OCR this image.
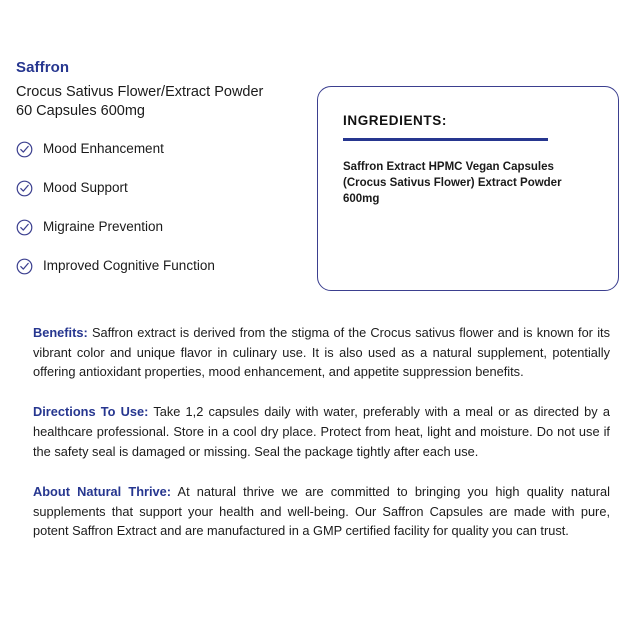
Saffron
Crocus Sativus Flower/Extract Powder
60 Capsules 600mg
Mood Enhancement
Mood Support
Migraine Prevention
Improved Cognitive Function
INGREDIENTS:

Saffron Extract HPMC Vegan Capsules
(Crocus Sativus Flower) Extract Powder
600mg

Benefits: Saffron extract is derived from the stigma of the Crocus sativus flower and is known for its vibrant color and unique flavor in culinary use. It is also used as a natural supplement, potentially offering antioxidant properties, mood enhancement, and appetite suppression benefits.

Directions To Use: Take 1,2 capsules daily with water, preferably with a meal or as directed by a healthcare professional. Store in a cool dry place. Protect from heat, light and moisture. Do not use if the safety seal is damaged or missing. Seal the package tightly after each use.

About Natural Thrive: At natural thrive we are committed to bringing you high quality natural supplements that support your health and well-being. Our Saffron Capsules are made with pure, potent Saffron Extract and are manufactured in a GMP certified facility for quality you can trust.
